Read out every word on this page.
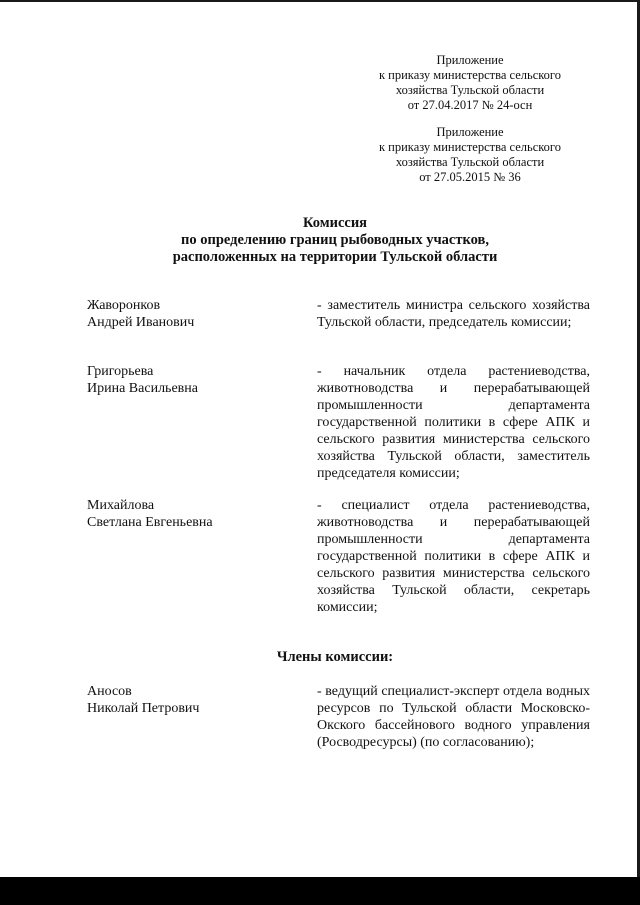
Приложение
к приказу министерства сельского
хозяйства Тульской области
от 27.04.2017 № 24-осн
Приложение
к приказу министерства сельского
хозяйства Тульской области
от 27.05.2015 № 36
Комиссия
по определению границ рыбоводных участков,
расположенных на территории Тульской области
Жаворонков
Андрей Иванович
- заместитель министра сельского хозяйства Тульской области, председатель комиссии;
Григорьева
Ирина Васильевна
- начальник отдела растениеводства, животноводства и перерабатывающей промышленности департамента государственной политики в сфере АПК и сельского развития министерства сельского хозяйства Тульской области, заместитель председателя комиссии;
Михайлова
Светлана Евгеньевна
- специалист отдела растениеводства, животноводства и перерабатывающей промышленности департамента государственной политики в сфере АПК и сельского развития министерства сельского хозяйства Тульской области, секретарь комиссии;
Члены комиссии:
Аносов
Николай Петрович
- ведущий специалист-эксперт отдела водных ресурсов по Тульской области Московско-Окского бассейнового водного управления (Росводресурсы) (по согласованию);
